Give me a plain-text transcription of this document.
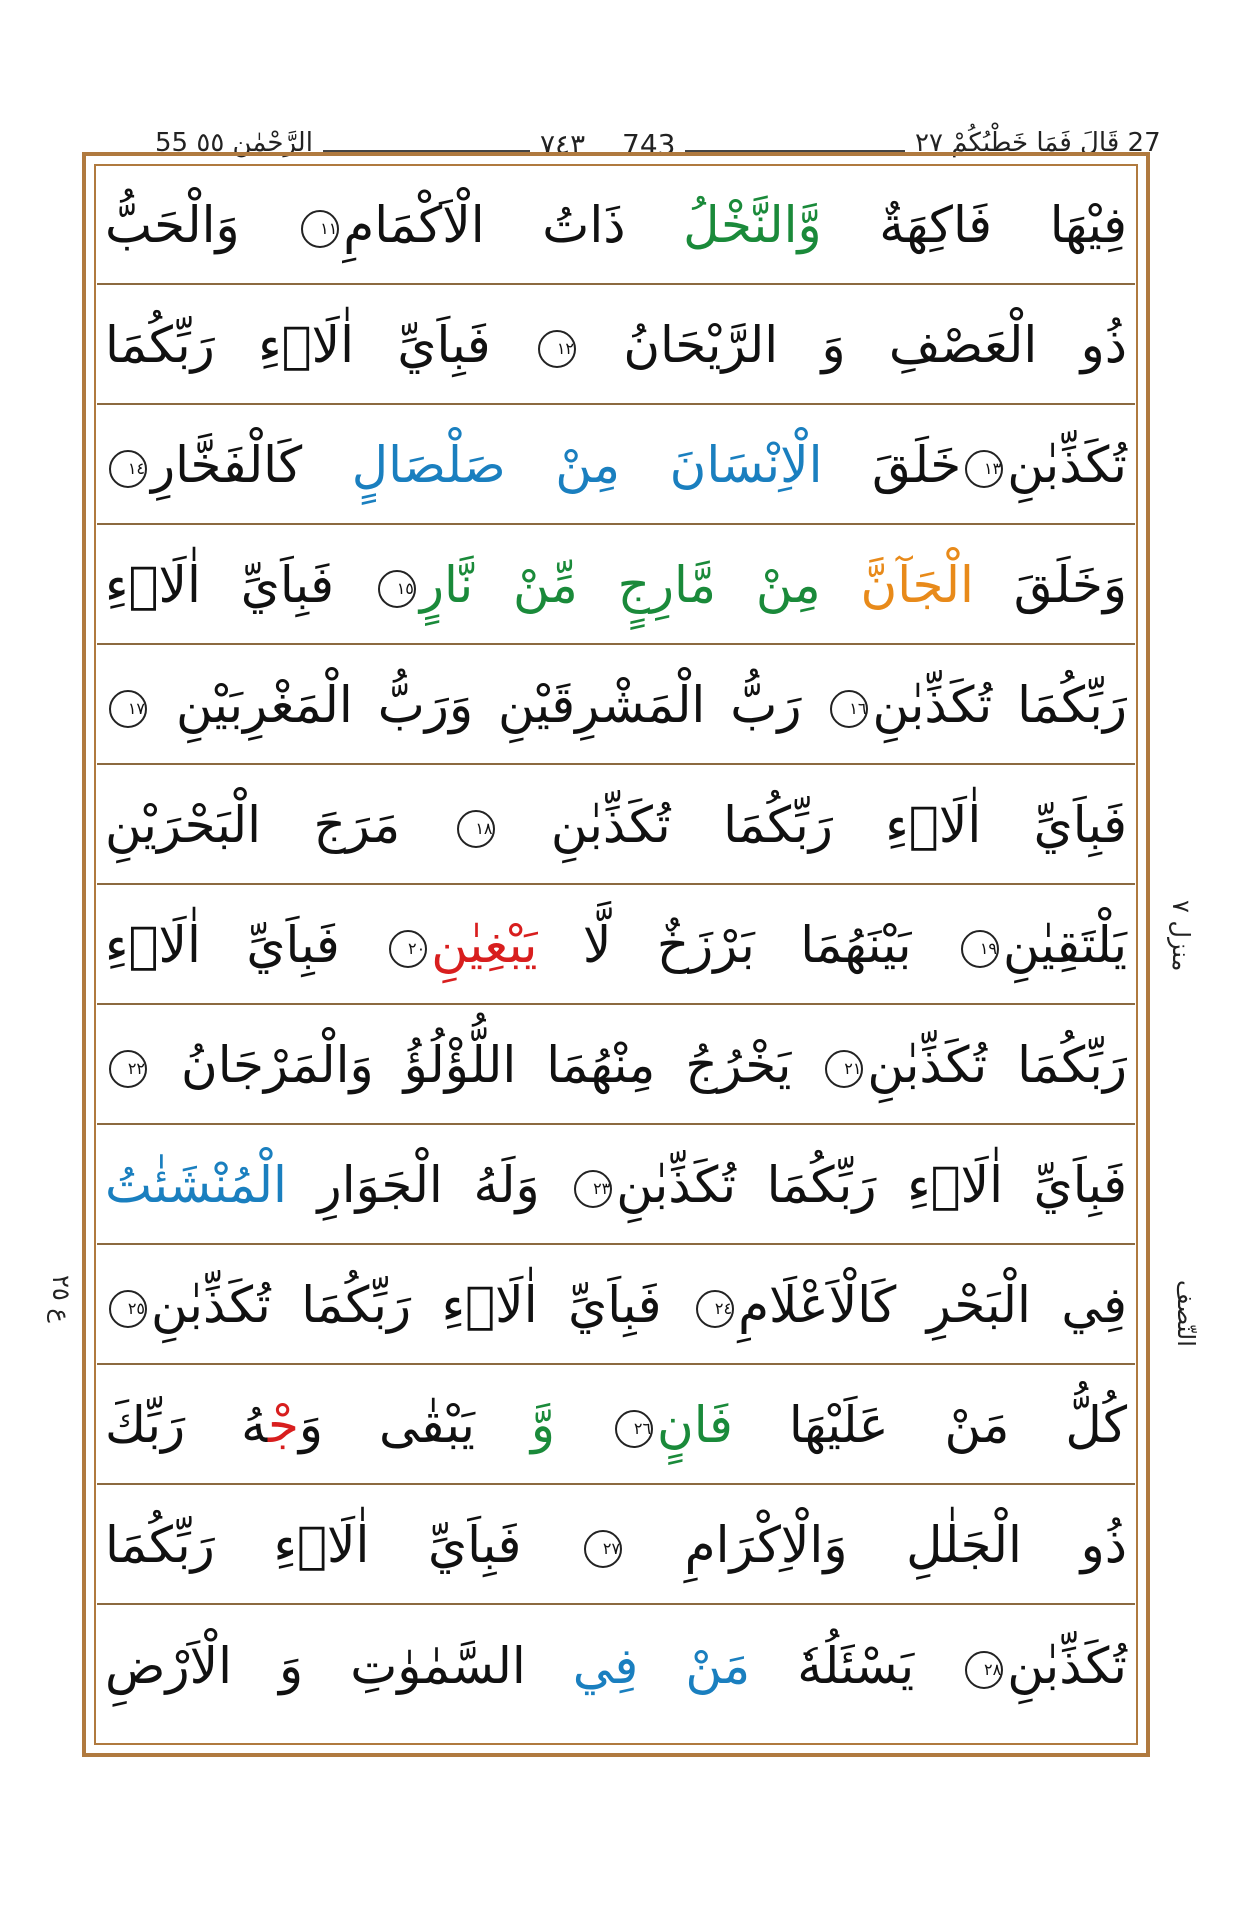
الرَّحْمٰن ٥٥ 55	٧٤٣ 743	27 قَالَ فَمَا خَطْبُكُمْ ٢٧
فِيْهَا فَاكِهَةٌ وَّالنَّخْلُ ذَاتُ الْاَكْمَامِ١١ وَالْحَبُّ
ذُو الْعَصْفِ وَ الرَّيْحَانُ ١٢ فَبِاَيِّ اٰلَاۤءِ رَبِّكُمَا
تُكَذِّبٰنِ١٣خَلَقَ الْاِنْسَانَ مِنْ صَلْصَالٍ كَالْفَخَّارِ١٤
وَخَلَقَ الْجَآنَّ مِنْ مَّارِجٍ مِّنْ نَّارٍ١٥ فَبِاَيِّ اٰلَاۤءِ
رَبِّكُمَا تُكَذِّبٰنِ١٦ رَبُّ الْمَشْرِقَيْنِ وَرَبُّ الْمَغْرِبَيْنِ ١٧
فَبِاَيِّ اٰلَاۤءِ رَبِّكُمَا تُكَذِّبٰنِ ١٨ مَرَجَ الْبَحْرَيْنِ
يَلْتَقِيٰنِ١٩ بَيْنَهُمَا بَرْزَخٌ لَّا يَبْغِيٰنِ٢٠ فَبِاَيِّ اٰلَاۤءِ
رَبِّكُمَا تُكَذِّبٰنِ٢١ يَخْرُجُ مِنْهُمَا اللُّؤْلُؤُ وَالْمَرْجَانُ ٢٢
فَبِاَيِّ اٰلَاۤءِ رَبِّكُمَا تُكَذِّبٰنِ٢٣ وَلَهُ الْجَوَارِ الْمُنْشَئٰتُ
فِي الْبَحْرِ كَالْاَعْلَامِ٢٤ فَبِاَيِّ اٰلَاۤءِ رَبِّكُمَا تُكَذِّبٰنِ٢٥
كُلُّ مَنْ عَلَيْهَا فَانٍ٢٦ وَّ يَبْقٰى وَجْهُ رَبِّكَ
ذُو الْجَلٰلِ وَالْاِكْرَامِ ٢٧ فَبِاَيِّ اٰلَاۤءِ رَبِّكُمَا
تُكَذِّبٰنِ٢٨ يَسْئَلُهٗ مَنْ فِي السَّمٰوٰتِ وَ الْاَرْضِ
منزل ٧
النّصف
ع ٢٥
